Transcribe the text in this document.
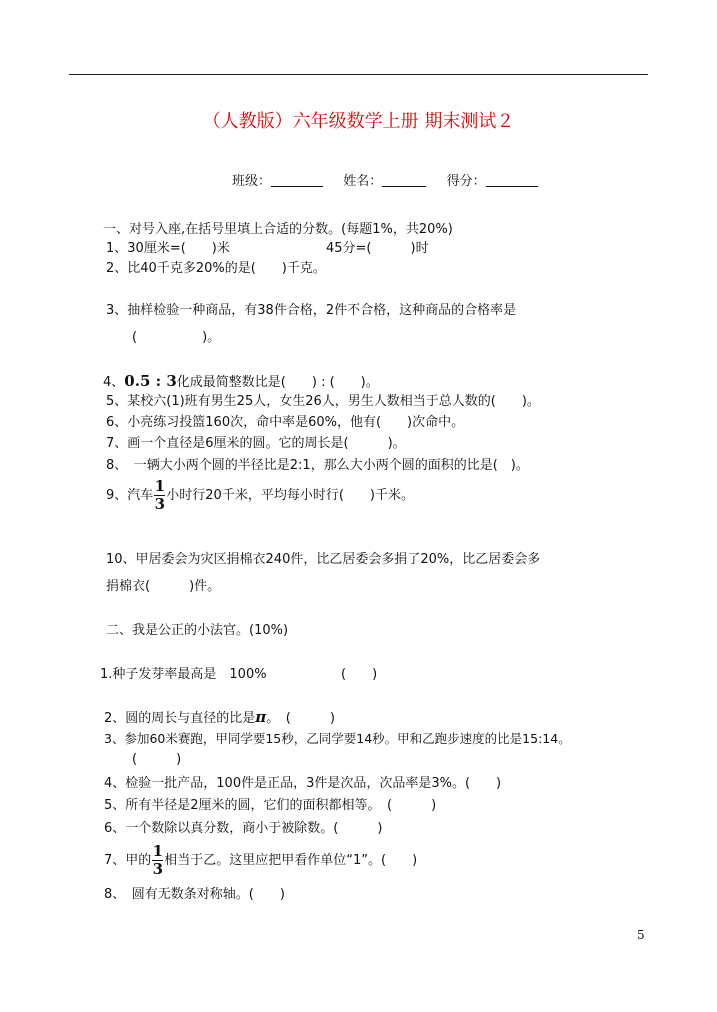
（人教版）六年级数学上册 期末测试２
班级：	姓名：	得分：
一、对号入座,在括号里填上合适的分数。(每题1%，共20%)
1、30厘米=(　　)米	45分=(　　　)时
2、比40千克多20%的是(　　)千克。
3、抽样检验一种商品，有38件合格，2件不合格，这种商品的合格率是
(　　　　　)。
4、0.5 : 3化成最简整数比是(　　) : (　　)。
5、某校六(1)班有男生25人，女生26人，男生人数相当于总人数的(　　)。
6、小亮练习投篮160次，命中率是60%，他有(　　)次命中。
7、画一个直径是6厘米的圆。它的周长是(　　　)。
8、　一辆大小两个圆的半径比是2:1，那么大小两个圆的面积的比是(　)。
9、汽车 $\frac{1}{3}$ 小时行20千米，平均每小时行(　　)千米。
10、甲居委会为灾区捐棉衣240件，比乙居委会多捐了20%，比乙居委会多
捐棉衣(　　　)件。
二、我是公正的小法官。(10%)
1.种子发芽率最高是　100%	(　　)
2、圆的周长与直径的比是π。　(　　　)
3、参加60米赛跑，甲同学要15秒，乙同学要14秒。甲和乙跑步速度的比是15:14。
(　　　)
4、检验一批产品，100件是正品，3件是次品，次品率是3%。(　　)
5、所有半径是2厘米的圆，它们的面积都相等。　(　　　)
6、一个数除以真分数，商小于被除数。(　　　)
7、甲的 $\frac{1}{3}$ 相当于乙。这里应把甲看作单位“1”。(　　)
8、　圆有无数条对称轴。(　　)
5
